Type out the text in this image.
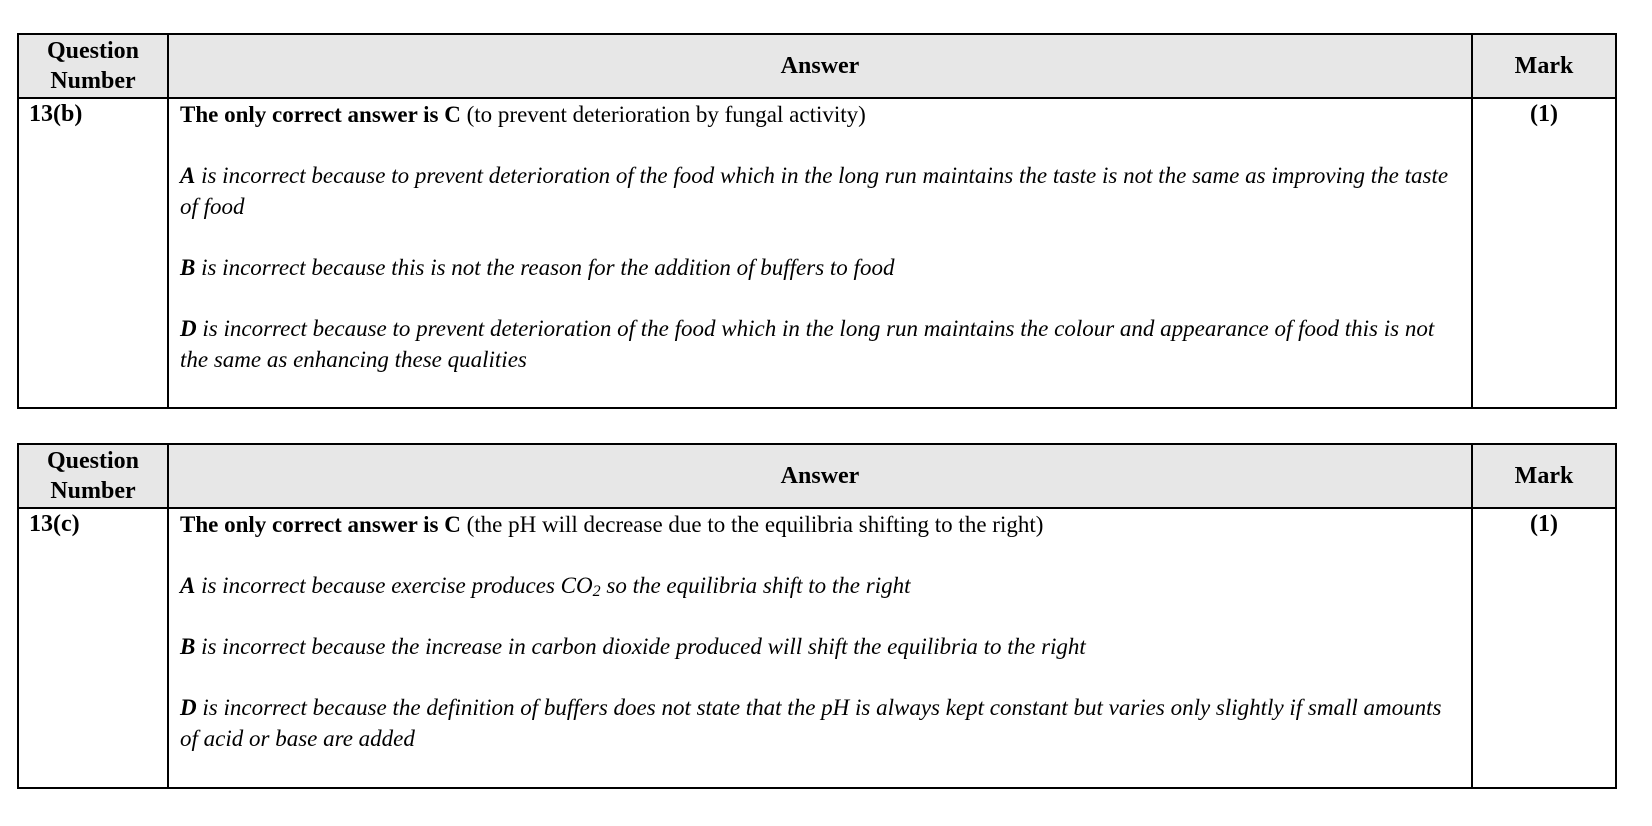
Question Number	Answer	Mark
13(b)	The only correct answer is C (to prevent deterioration by fungal activity)

A is incorrect because to prevent deterioration of the food which in the long run maintains the taste is not the same as improving the taste of food

B is incorrect because this is not the reason for the addition of buffers to food

D is incorrect because to prevent deterioration of the food which in the long run maintains the colour and appearance of food this is not the same as enhancing these qualities	(1)
Question Number	Answer	Mark
13(c)	The only correct answer is C (the pH will decrease due to the equilibria shifting to the right)

A is incorrect because exercise produces $CO_2$ so the equilibria shift to the right

B is incorrect because the increase in carbon dioxide produced will shift the equilibria to the right

D is incorrect because the definition of buffers does not state that the pH is always kept constant but varies only slightly if small amounts of acid or base are added	(1)
